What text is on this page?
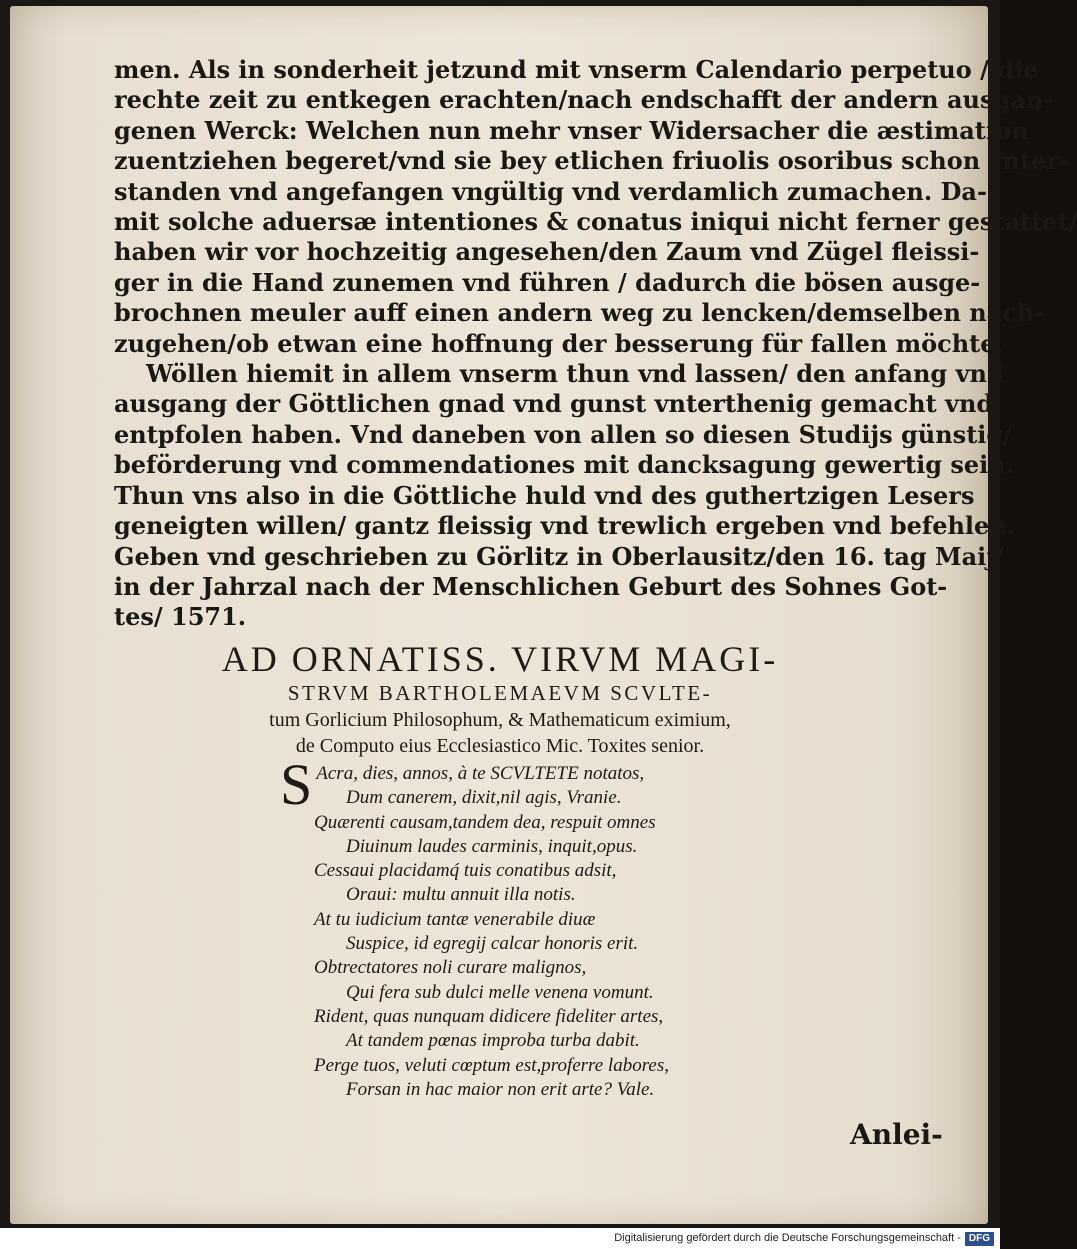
men. Als in sonderheit jetzund mit vnserm Calendario perpetuo / die
rechte zeit zu entkegen erachten/nach endschafft der andern ausgan-
genen Werck: Welchen nun mehr vnser Widersacher die æstimation
zuentziehen begeret/vnd sie bey etlichen friuolis osoribus schon vnter-
standen vnd angefangen vngültig vnd verdamlich zumachen. Da-
mit solche aduersæ intentiones & conatus iniqui nicht ferner gestattet/
haben wir vor hochzeitig angesehen/den Zaum vnd Zügel fleissi-
ger in die Hand zunemen vnd führen / dadurch die bösen ausge-
brochnen meuler auff einen andern weg zu lencken/demselben nach-
zugehen/ob etwan eine hoffnung der besserung für fallen möchte.
Wöllen hiemit in allem vnserm thun vnd lassen/ den anfang vnd
ausgang der Göttlichen gnad vnd gunst vnterthenig gemacht vnd
entpfolen haben. Vnd daneben von allen so diesen Studijs günstig/
beförderung vnd commendationes mit dancksagung gewertig sein.
Thun vns also in die Göttliche huld vnd des guthertzigen Lesers
geneigten willen/ gantz fleissig vnd trewlich ergeben vnd befehlen.
Geben vnd geschrieben zu Görlitz in Oberlausitz/den 16. tag Maij/
in der Jahrzal nach der Menschlichen Geburt des Sohnes Got-
tes/ 1571.
AD ORNATISS. VIRVM MAGI-
STRVM BARTHOLEMAEVM SCVLTE-
tum Gorlicium Philosophum, & Mathematicum eximium,
de Computo eius Ecclesiastico Mic. Toxites senior.
S Acra, dies, annos, à te SCVLTETE notatos,
Dum canerem, dixit,nil agis, Vranie.
Quærenti causam,tandem dea, respuit omnes
Diuinum laudes carminis, inquit,opus.
Cessaui placidamq́ tuis conatibus adsit,
Oraui: multu annuit illa notis.
At tu iudicium tantæ venerabile diuæ
Suspice, id egregij calcar honoris erit.
Obtrectatores noli curare malignos,
Qui fera sub dulci melle venena vomunt.
Rident, quas nunquam didicere fideliter artes,
At tandem pœnas improba turba dabit.
Perge tuos, veluti cœptum est,proferre labores,
Forsan in hac maior non erit arte? Vale.
Anlei-
Digitalisierung gefördert durch die Deutsche Forschungsgemeinschaft - DFG
